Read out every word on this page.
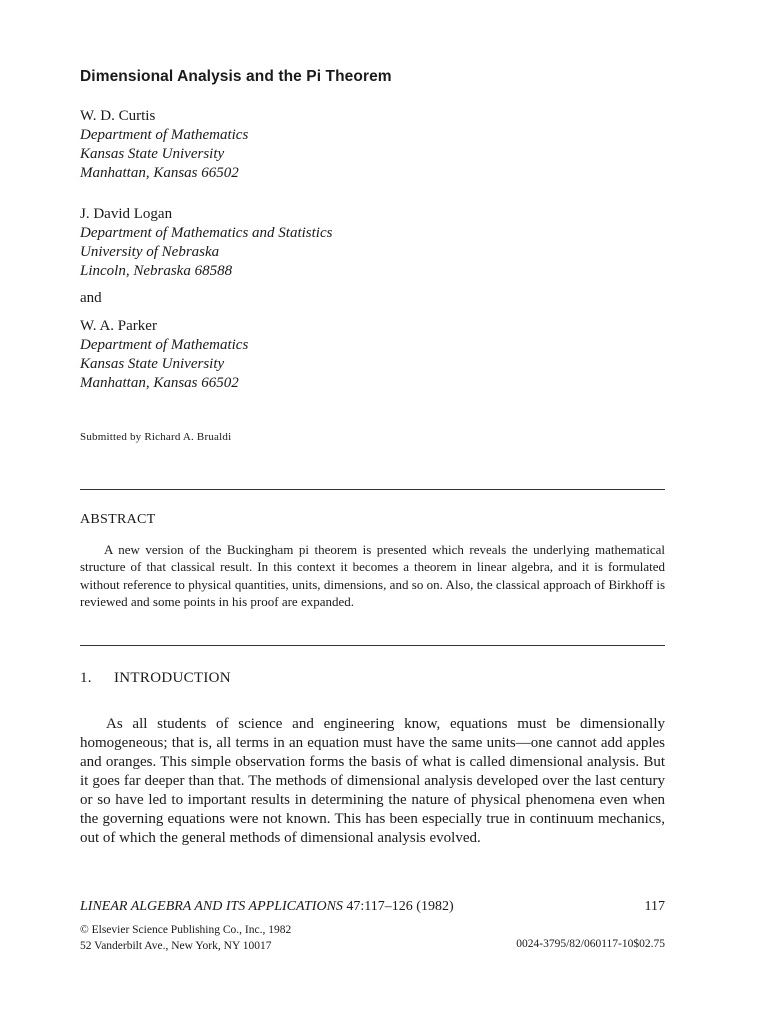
Dimensional Analysis and the Pi Theorem
W. D. Curtis
Department of Mathematics
Kansas State University
Manhattan, Kansas 66502
J. David Logan
Department of Mathematics and Statistics
University of Nebraska
Lincoln, Nebraska 68588
and
W. A. Parker
Department of Mathematics
Kansas State University
Manhattan, Kansas 66502
Submitted by Richard A. Brualdi
ABSTRACT
A new version of the Buckingham pi theorem is presented which reveals the underlying mathematical structure of that classical result. In this context it becomes a theorem in linear algebra, and it is formulated without reference to physical quantities, units, dimensions, and so on. Also, the classical approach of Birkhoff is reviewed and some points in his proof are expanded.
1. INTRODUCTION
As all students of science and engineering know, equations must be dimensionally homogeneous; that is, all terms in an equation must have the same units—one cannot add apples and oranges. This simple observation forms the basis of what is called dimensional analysis. But it goes far deeper than that. The methods of dimensional analysis developed over the last century or so have led to important results in determining the nature of physical phenomena even when the governing equations were not known. This has been especially true in continuum mechanics, out of which the general methods of dimensional analysis evolved.
LINEAR ALGEBRA AND ITS APPLICATIONS 47:117–126 (1982)	117
© Elsevier Science Publishing Co., Inc., 1982
52 Vanderbilt Ave., New York, NY 10017	0024-3795/82/060117-10$02.75
